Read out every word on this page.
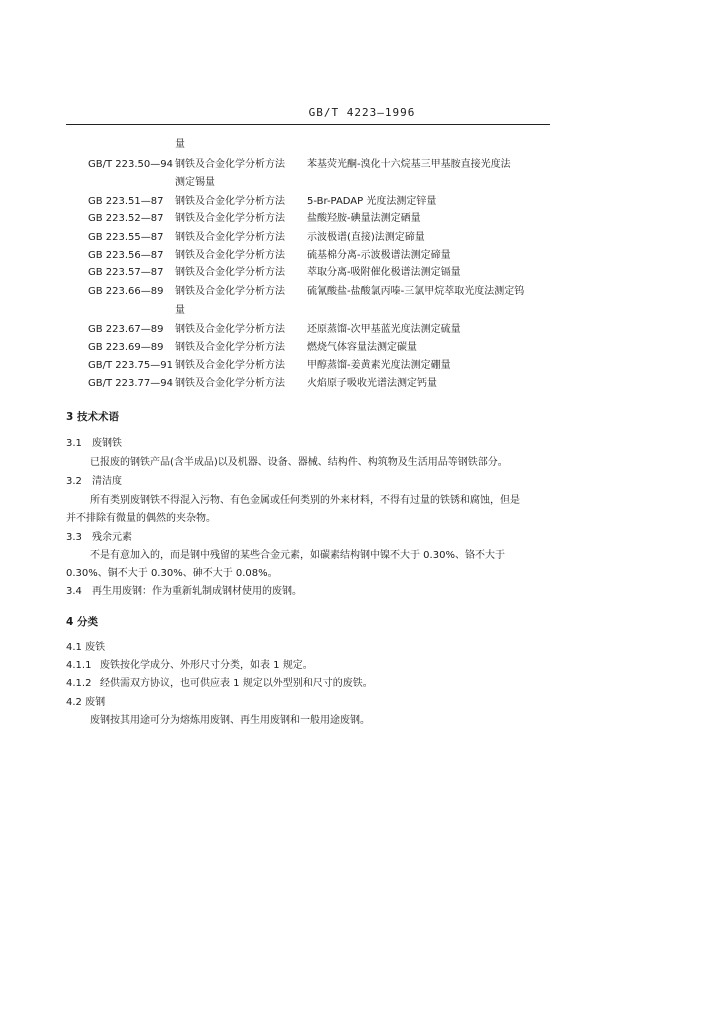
GB/T 4223—1996
量
GB/T 223.50—94 钢铁及合金化学分析方法 苯基荧光酮-溴化十六烷基三甲基胺直接光度法
测定锡量
GB 223.51—87 钢铁及合金化学分析方法 5-Br-PADAP 光度法测定锌量
GB 223.52—87 钢铁及合金化学分析方法 盐酸羟胺-碘量法测定硒量
GB 223.55—87 钢铁及合金化学分析方法 示波极谱(直接)法测定碲量
GB 223.56—87 钢铁及合金化学分析方法 硫基棉分离-示波极谱法测定碲量
GB 223.57—87 钢铁及合金化学分析方法 萃取分离-吸附催化极谱法测定镉量
GB 223.66—89 钢铁及合金化学分析方法 硫氰酸盐-盐酸氯丙嗪-三氯甲烷萃取光度法测定钨
量
GB 223.67—89 钢铁及合金化学分析方法 还原蒸馏-次甲基蓝光度法测定硫量
GB 223.69—89 钢铁及合金化学分析方法 燃烧气体容量法测定碳量
GB/T 223.75—91 钢铁及合金化学分析方法 甲醇蒸馏-姜黄素光度法测定硼量
GB/T 223.77—94 钢铁及合金化学分析方法 火焰原子吸收光谱法测定钙量
3 技术术语
3.1 废钢铁
已报废的钢铁产品(含半成品)以及机器、设备、器械、结构件、构筑物及生活用品等钢铁部分。
3.2 清洁度
所有类别废钢铁不得混入污物、有色金属或任何类别的外来材料，不得有过量的铁锈和腐蚀，但是
并不排除有微量的偶然的夹杂物。
3.3 残余元素
不是有意加入的，而是钢中残留的某些合金元素，如碳素结构钢中镍不大于 0.30%、铬不大于
0.30%、铜不大于 0.30%、砷不大于 0.08%。
3.4 再生用废钢：作为重新轧制成钢材使用的废钢。
4 分类
4.1 废铁
4.1.1 废铁按化学成分、外形尺寸分类，如表 1 规定。
4.1.2 经供需双方协议，也可供应表 1 规定以外型别和尺寸的废铁。
4.2 废钢
废钢按其用途可分为熔炼用废钢、再生用废钢和一般用途废钢。
